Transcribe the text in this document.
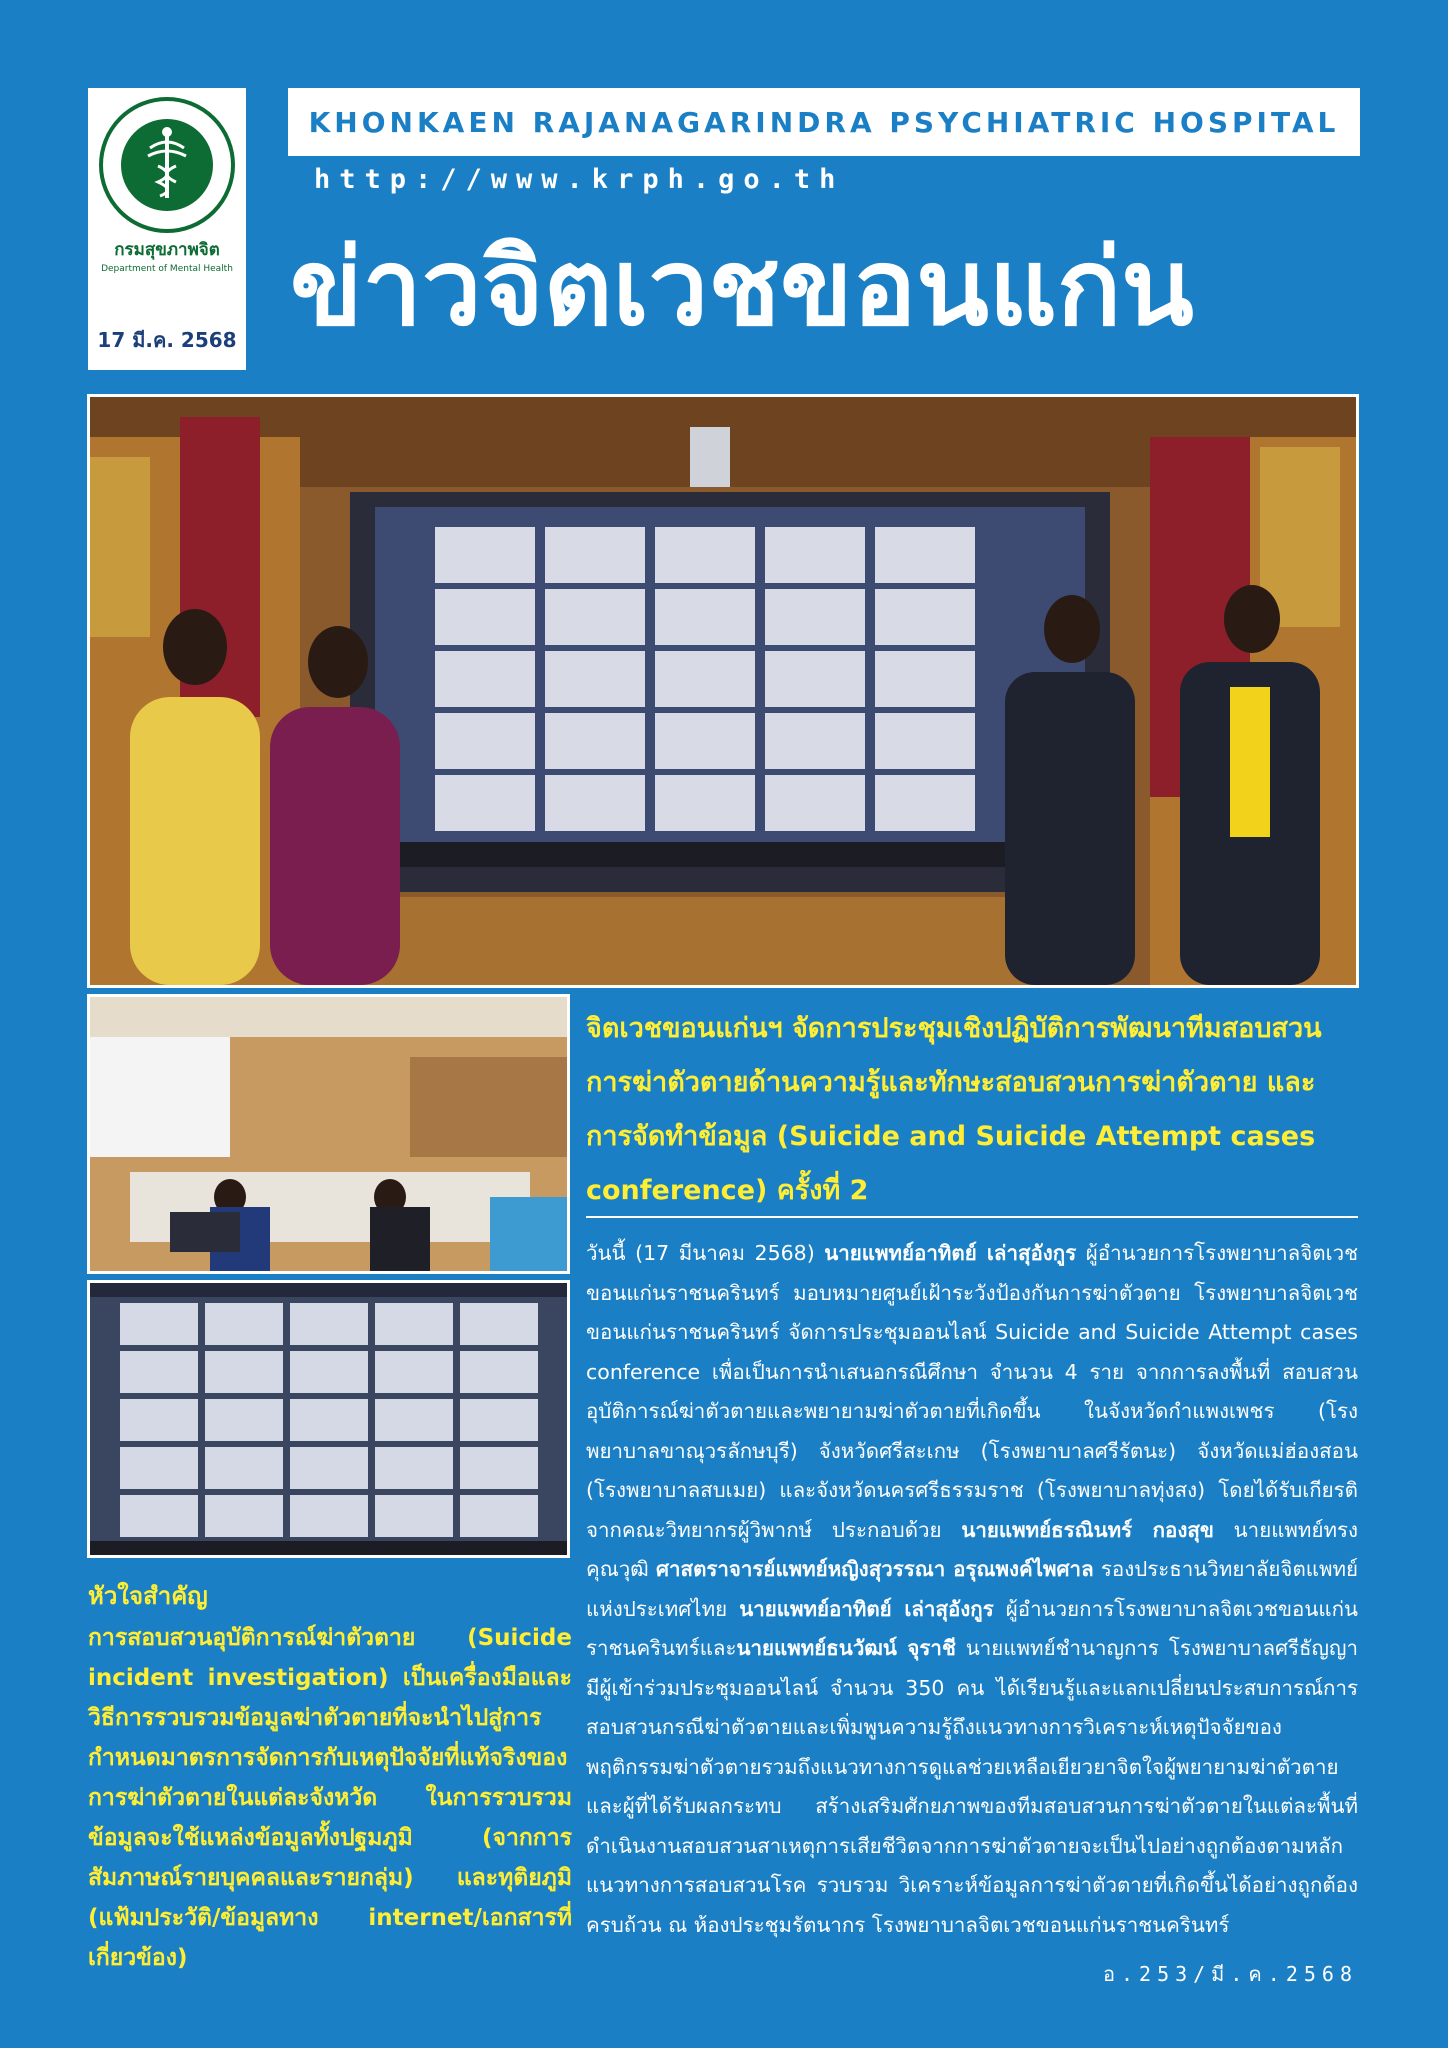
กรมสุขภาพจิต
Department of Mental Health
17 มี.ค. 2568
KHONKAEN RAJANAGARINDRA PSYCHIATRIC HOSPITAL
http://www.krph.go.th
ข่าวจิตเวชขอนแก่น
จิตเวชขอนแก่นฯ จัดการประชุมเชิงปฏิบัติการพัฒนาทีมสอบสวนการฆ่าตัวตายด้านความรู้และทักษะสอบสวนการฆ่าตัวตาย และการจัดทำข้อมูล (Suicide and Suicide Attempt cases conference) ครั้งที่ 2
วันนี้ (17 มีนาคม 2568) นายแพทย์อาทิตย์ เล่าสุอังกูร ผู้อำนวยการโรงพยาบาลจิตเวชขอนแก่นราชนครินทร์ มอบหมายศูนย์เฝ้าระวังป้องกันการฆ่าตัวตาย โรงพยาบาลจิตเวชขอนแก่นราชนครินทร์ จัดการประชุมออนไลน์ Suicide and Suicide Attempt cases conference เพื่อเป็นการนำเสนอกรณีศึกษา จำนวน 4 ราย จากการลงพื้นที่ สอบสวนอุบัติการณ์ฆ่าตัวตายและพยายามฆ่าตัวตายที่เกิดขึ้น ในจังหวัดกำแพงเพชร (โรงพยาบาลขาณุวรลักษบุรี) จังหวัดศรีสะเกษ (โรงพยาบาลศรีรัตนะ) จังหวัดแม่ฮ่องสอน (โรงพยาบาลสบเมย) และจังหวัดนครศรีธรรมราช (โรงพยาบาลทุ่งสง) โดยได้รับเกียรติจากคณะวิทยากรผู้วิพากษ์ ประกอบด้วย นายแพทย์ธรณินทร์ กองสุข นายแพทย์ทรงคุณวุฒิ ศาสตราจารย์แพทย์หญิงสุวรรณา อรุณพงค์ไพศาล รองประธานวิทยาลัยจิตแพทย์แห่งประเทศไทย นายแพทย์อาทิตย์ เล่าสุอังกูร ผู้อำนวยการโรงพยาบาลจิตเวชขอนแก่นราชนครินทร์และนายแพทย์ธนวัฒน์ จุราชี นายแพทย์ชำนาญการ โรงพยาบาลศรีธัญญา มีผู้เข้าร่วมประชุมออนไลน์ จำนวน 350 คน ได้เรียนรู้และแลกเปลี่ยนประสบการณ์การสอบสวนกรณีฆ่าตัวตายและเพิ่มพูนความรู้ถึงแนวทางการวิเคราะห์เหตุปัจจัยของพฤติกรรมฆ่าตัวตายรวมถึงแนวทางการดูแลช่วยเหลือเยียวยาจิตใจผู้พยายามฆ่าตัวตายและผู้ที่ได้รับผลกระทบ สร้างเสริมศักยภาพของทีมสอบสวนการฆ่าตัวตายในแต่ละพื้นที่ ดำเนินงานสอบสวนสาเหตุการเสียชีวิตจากการฆ่าตัวตายจะเป็นไปอย่างถูกต้องตามหลักแนวทางการสอบสวนโรค รวบรวม วิเคราะห์ข้อมูลการฆ่าตัวตายที่เกิดขึ้นได้อย่างถูกต้อง ครบถ้วน ณ ห้องประชุมรัตนากร โรงพยาบาลจิตเวชขอนแก่นราชนครินทร์
หัวใจสำคัญ
การสอบสวนอุบัติการณ์ฆ่าตัวตาย (Suicide incident investigation) เป็นเครื่องมือและวิธีการรวบรวมข้อมูลฆ่าตัวตายที่จะนำไปสู่การกำหนดมาตรการจัดการกับเหตุปัจจัยที่แท้จริงของการฆ่าตัวตายในแต่ละจังหวัด ในการรวบรวมข้อมูลจะใช้แหล่งข้อมูลทั้งปฐมภูมิ (จากการสัมภาษณ์รายบุคคลและรายกลุ่ม) และทุติยภูมิ (แฟ้มประวัติ/ข้อมูลทาง internet/เอกสารที่เกี่ยวข้อง)
อ.253/มี.ค.2568
